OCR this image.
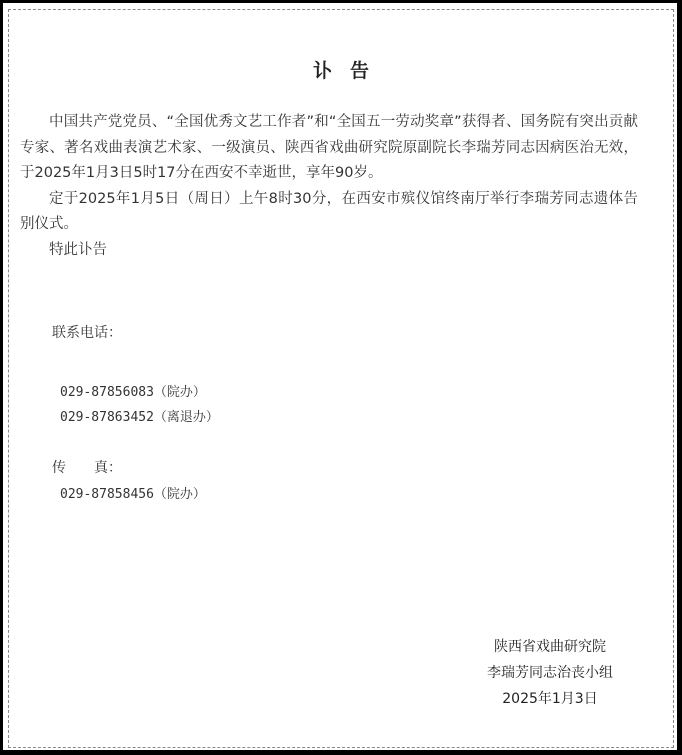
讣告

中国共产党党员、“全国优秀文艺工作者”和“全国五一劳动奖章”获得者、国务院有突出贡献专家、著名戏曲表演艺术家、一级演员、陕西省戏曲研究院原副院长李瑞芳同志因病医治无效，于2025年1月3日5时17分在西安不幸逝世，享年90岁。

定于2025年1月5日（周日）上午8时30分，在西安市殡仪馆终南厅举行李瑞芳同志遗体告别仪式。

特此讣告

联系电话：
029-87856083（院办）
029-87863452（离退办）
传　　真：
029-87858456（院办）
陕西省戏曲研究院
李瑞芳同志治丧小组
2025年1月3日
